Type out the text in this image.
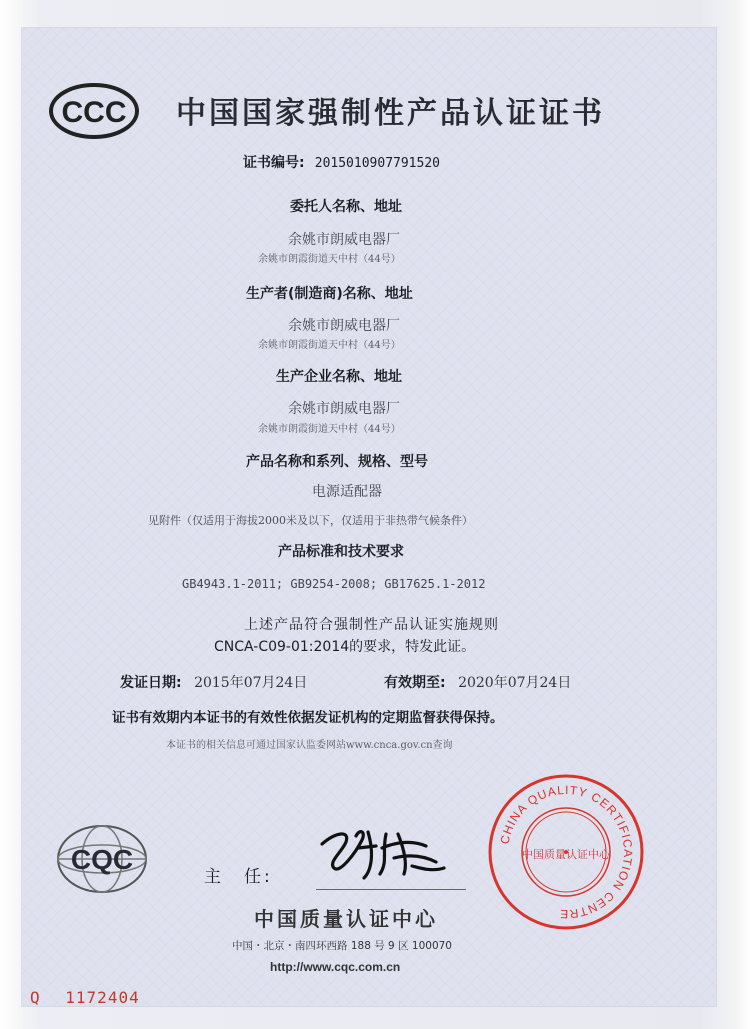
CCC 中国国家强制性产品认证证书
证书编号: 2015010907791520
委托人名称、地址
余姚市朗威电器厂
余姚市朗霞街道天中村（44号）
生产者(制造商)名称、地址
余姚市朗威电器厂
余姚市朗霞街道天中村（44号）
生产企业名称、地址
余姚市朗威电器厂
余姚市朗霞街道天中村（44号）
产品名称和系列、规格、型号
电源适配器
见附件（仅适用于海拔2000米及以下，仅适用于非热带气候条件）
产品标准和技术要求
GB4943.1-2011; GB9254-2008; GB17625.1-2012
上述产品符合强制性产品认证实施规则
CNCA-C09-01:2014的要求，特发此证。
发证日期: 2015年07月24日	有效期至: 2020年07月24日
证书有效期内本证书的有效性依据发证机构的定期监督获得保持。
本证书的相关信息可通过国家认监委网站www.cnca.gov.cn查询
CQC
主　任:
中国质量认证中心
中国・北京・南四环西路 188 号 9 区 100070
http://www.cqc.com.cn
CHINA QUALITY CERTIFICATION CENTRE
中国质量认证中心
Q 1172404
